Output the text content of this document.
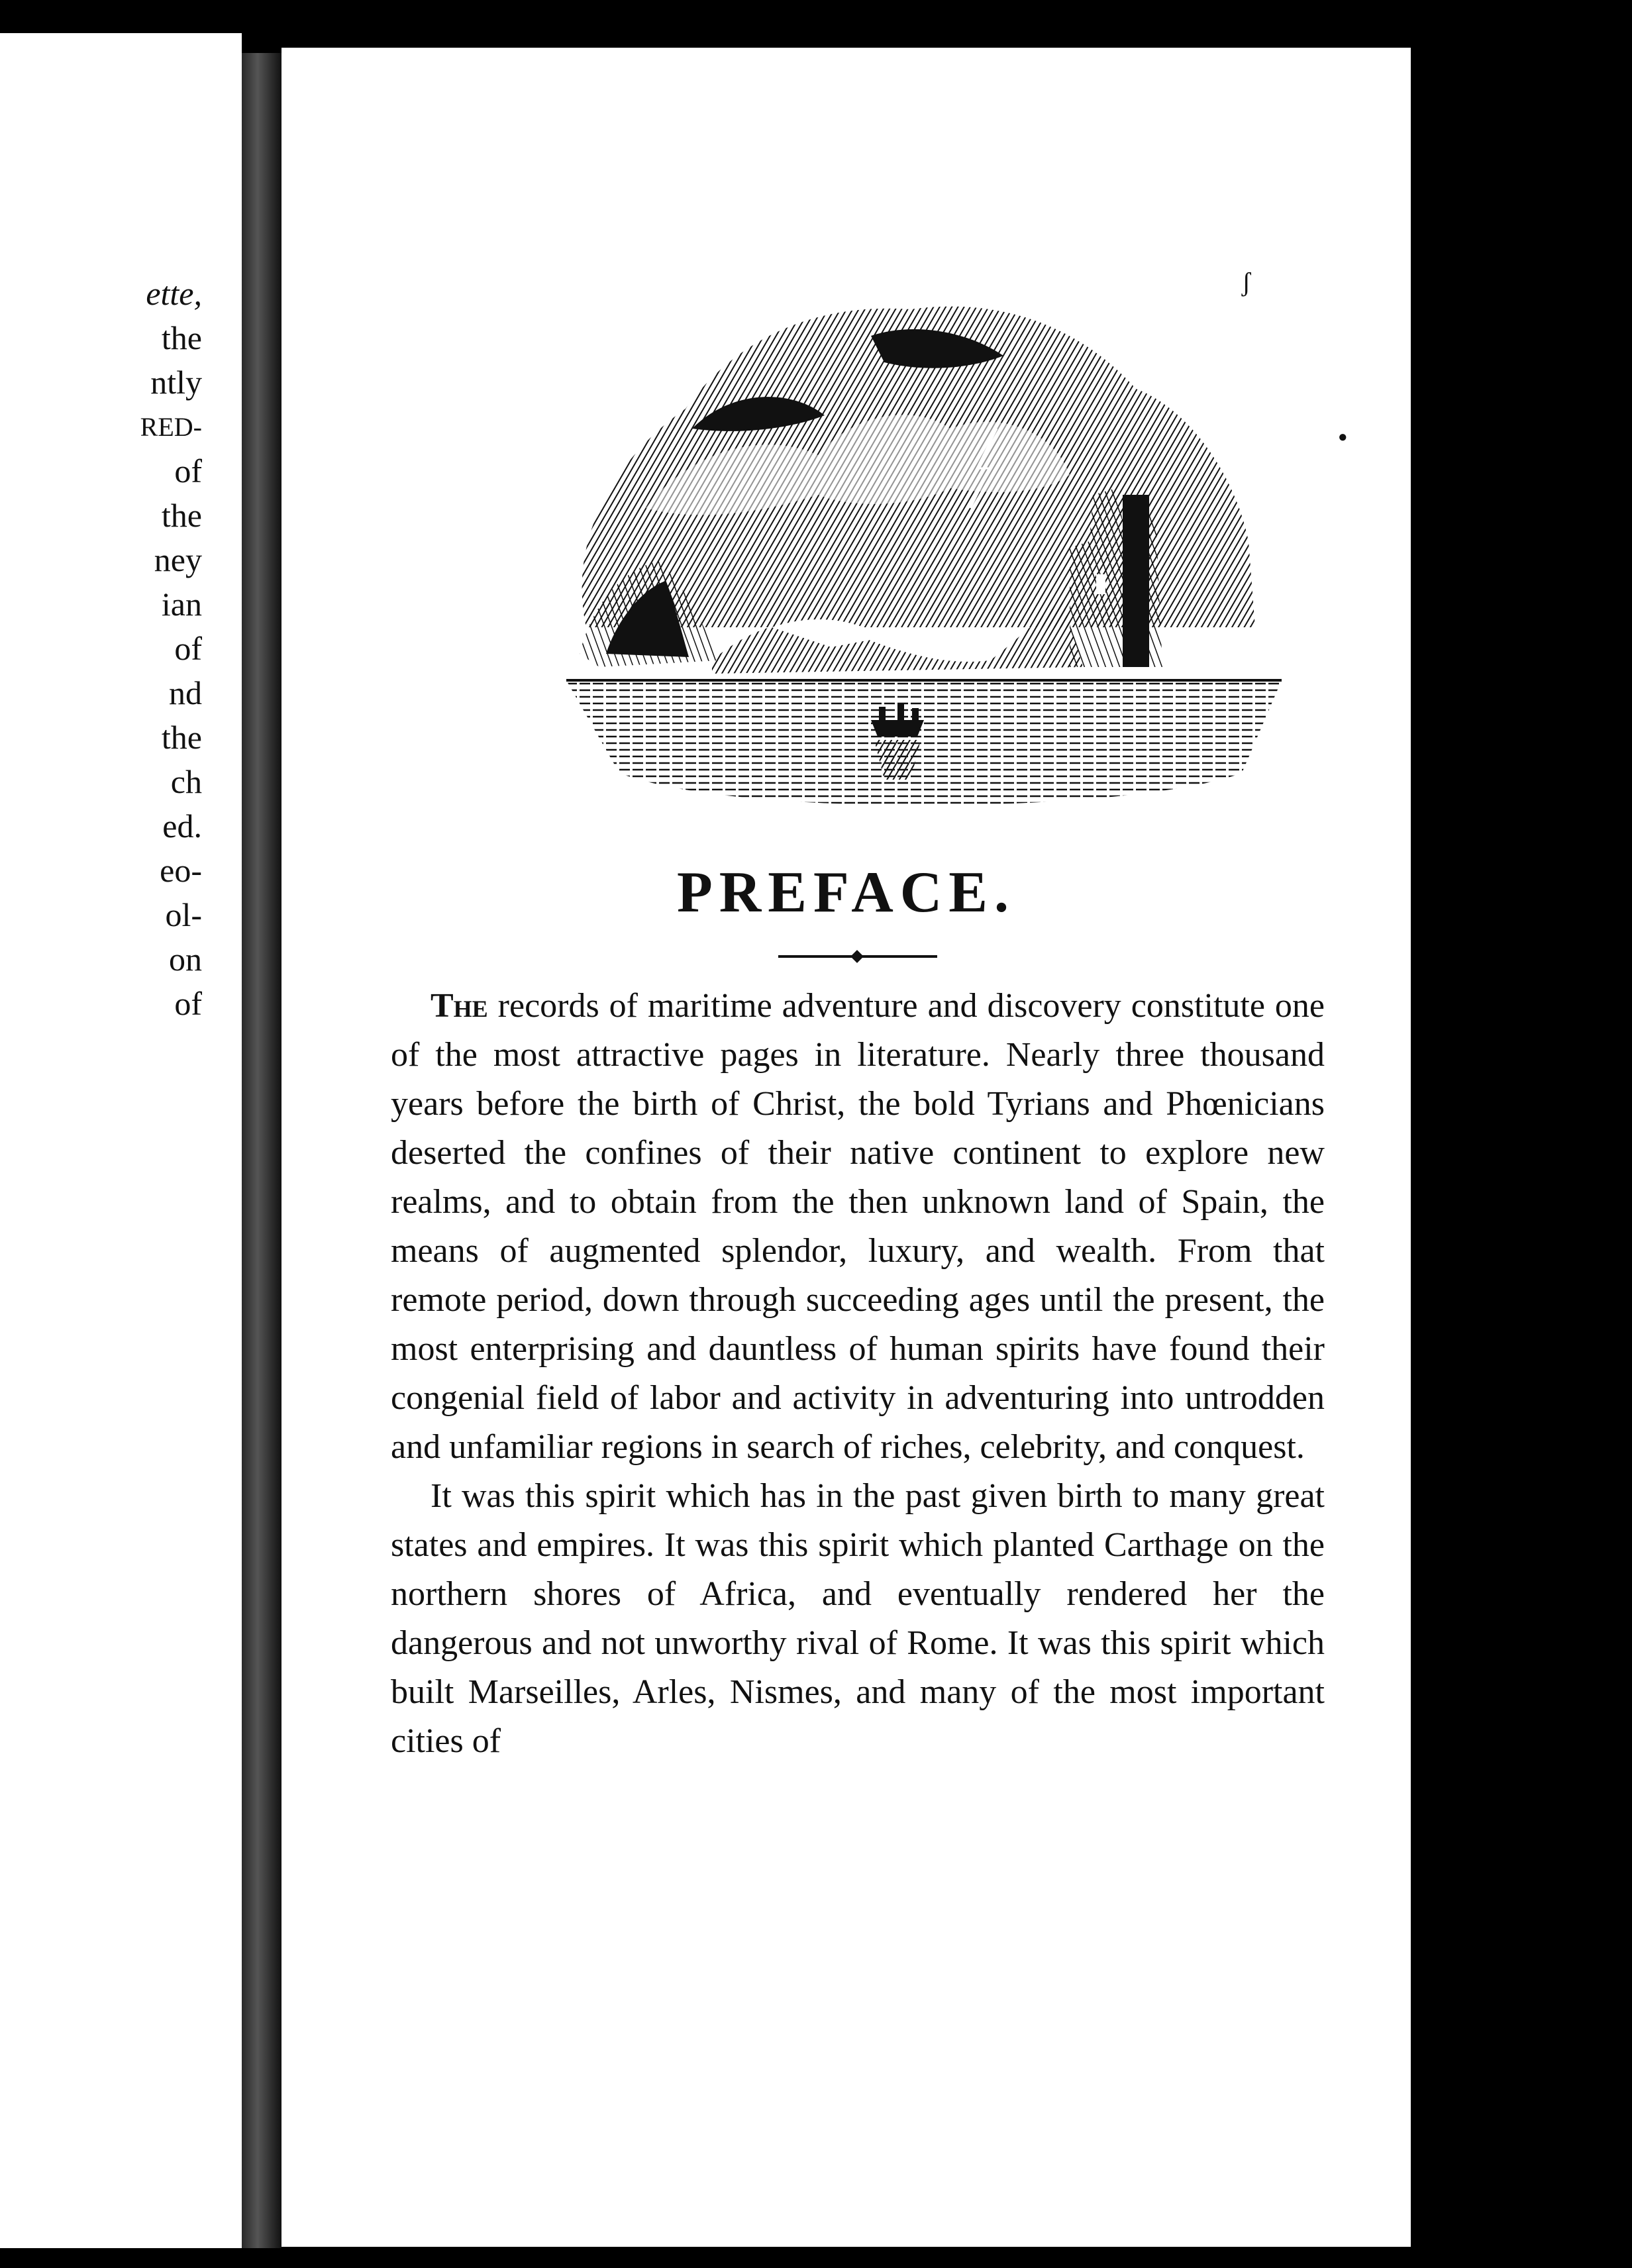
ette,
the
ntly
RED-
of
the
ney
ian
of
nd
the
ch
ed.
eo-
ol-
on
of
ʃ
●
PREFACE.

The records of maritime adventure and discovery constitute one of the most attractive pages in literature. Nearly three thousand years before the birth of Christ, the bold Tyrians and Phœnicians deserted the confines of their native continent to explore new realms, and to obtain from the then unknown land of Spain, the means of augmented splendor, luxury, and wealth. From that remote period, down through succeeding ages until the present, the most enterprising and dauntless of human spirits have found their congenial field of labor and activity in adventuring into untrodden and unfamiliar regions in search of riches, celebrity, and conquest.

It was this spirit which has in the past given birth to many great states and empires. It was this spirit which planted Carthage on the northern shores of Africa, and eventually rendered her the dangerous and not unworthy rival of Rome. It was this spirit which built Marseilles, Arles, Nismes, and many of the most important cities of
